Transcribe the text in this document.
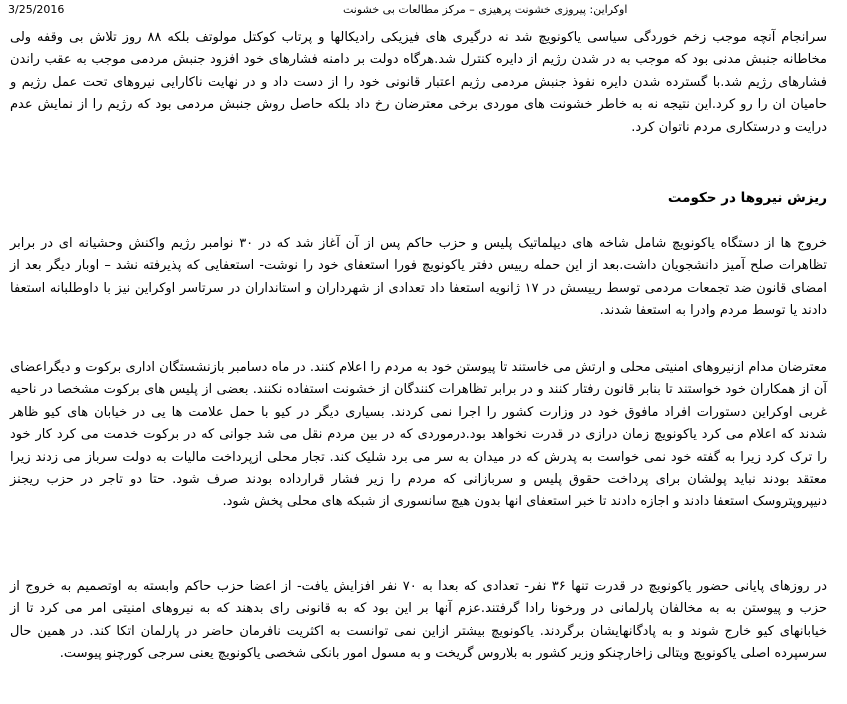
3/25/2016	اوکراین: پیروزی خشونت پرهیزی – مرکز مطالعات بی خشونت

سرانجام آنچه موجب زخم خوردگی سیاسی یاکونویچ شد نه درگیری های فیزیکی رادیکالها و پرتاب کوکتل مولوتف بلکه ۸۸ روز تلاش بی وقفه ولی
مخاطانه جنبش مدنی بود که موجب به در شدن رژیم از دایره کنترل شد.هرگاه دولت بر دامنه فشارهای خود افزود جنبش مردمی موجب به عقب راندن
فشارهای رژیم شد.با گسترده شدن دایره نفوذ جنبش مردمی رژیم اعتبار قانونی خود را از دست داد و در نهایت ناکارایی نیروهای تحت عمل رژیم و
حامیان ان را رو کرد.این نتیجه نه به خاطر خشونت های موردی برخی معترضان رخ داد بلکه حاصل روش جنبش مردمی بود که رژیم را از نمایش عدم
درایت و درستکاری مردم ناتوان کرد.

ریزش نیروها در حکومت

خروج ها از دستگاه یاکونویچ شامل شاخه های دیپلماتیک پلیس و حزب حاکم پس از آن آغاز شد که در ۳۰ نوامبر رژیم واکنش وحشیانه ای در برابر
تظاهرات صلح آمیز دانشجویان داشت.بعد از این حمله رییس دفتر یاکونویچ فورا استعفای خود را نوشت- استعفایی که پذیرفته نشد – اوبار دیگر بعد از
امضای قانون ضد تجمعات مردمی توسط رییسش در ۱۷ ژانویه استعفا داد تعدادی از شهرداران و استانداران در سرتاسر اوکراین نیز با داوطلبانه استعفا
دادند یا توسط مردم وادرا به استعفا شدند.

معترضان مدام ازنیروهای امنیتی محلی و ارتش می خاستند تا پیوستن خود به مردم را اعلام کنند. در ماه دسامبر بازنشستگان اداری برکوت و دیگراعضای
آن از همکاران خود خواستند تا بنابر قانون رفتار کنند و در برابر تظاهرات کنندگان از خشونت استفاده نکنند. بعضی از پلیس های برکوت مشخصا در ناحیه
غربی اوکراین دستورات افراد مافوق خود در وزارت کشور را اجرا نمی کردند. بسیاری دیگر در کیو با حمل علامت ها یی در خیابان های کیو ظاهر
شدند که اعلام می کرد یاکونویچ زمان درازی در قدرت نخواهد بود.درموردی که در بین مردم نقل می شد جوانی که در برکوت خدمت می کرد کار خود
را ترک کرد زیرا به گفته خود نمی خواست به پدرش که در میدان به سر می برد شلیک کند. تجار محلی ازپرداخت مالیات به دولت سرباز می زدند زیرا
معتقد بودند نباید پولشان برای پرداخت حقوق پلیس و سربازانی که مردم را زیر فشار قرارداده بودند صرف شود. حتا دو تاجر در حزب ریجنز
دنیپروپتروسک استعفا دادند و اجازه دادند تا خبر استعفای انها بدون هیچ سانسوری از شبکه های محلی پخش شود.

در روزهای پایانی حضور یاکونویچ در قدرت تنها ۳۶ نفر- تعدادی که بعدا به ۷۰ نفر افزایش یافت- از اعضا حزب حاکم وابسته به اوتصمیم به خروج از
حزب و پیوستن به به مخالفان پارلمانی در ورخونا رادا گرفتند.عزم آنها بر این بود که به قانونی رای بدهند که به نیروهای امنیتی امر می کرد تا از
خیابانهای کیو خارج شوند و به پادگانهایشان برگردند. یاکونویچ بیشتر ازاین نمی توانست به اکثریت نافرمان حاضر در پارلمان اتکا کند. در همین حال
سرسپرده اصلی یاکونویچ ویتالی زاخارچنکو وزیر کشور به بلاروس گریخت و به مسول امور بانکی شخصی یاکونویچ یعنی سرجی کورچنو پیوست.
